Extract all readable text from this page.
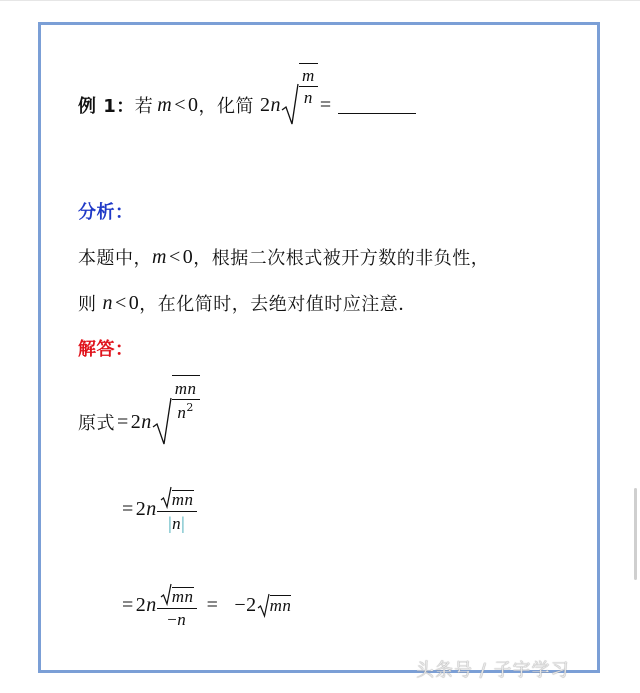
例 1 ： 若 m < 0 ， 化简 2 n $\frac{m}{n}$ =
分析：
本题中， m < 0 ，根据二次根式被开方数的非负性，
则 n < 0 ，在化简时，去绝对值时应注意．
解答：
原式 = 2 n $\frac{mn}{n^2}$
= 2 n $\frac{mn}{|n|}$
= 2 n $\frac{mn}{-n} = -2$ mn
头条号 / 子宇学习
